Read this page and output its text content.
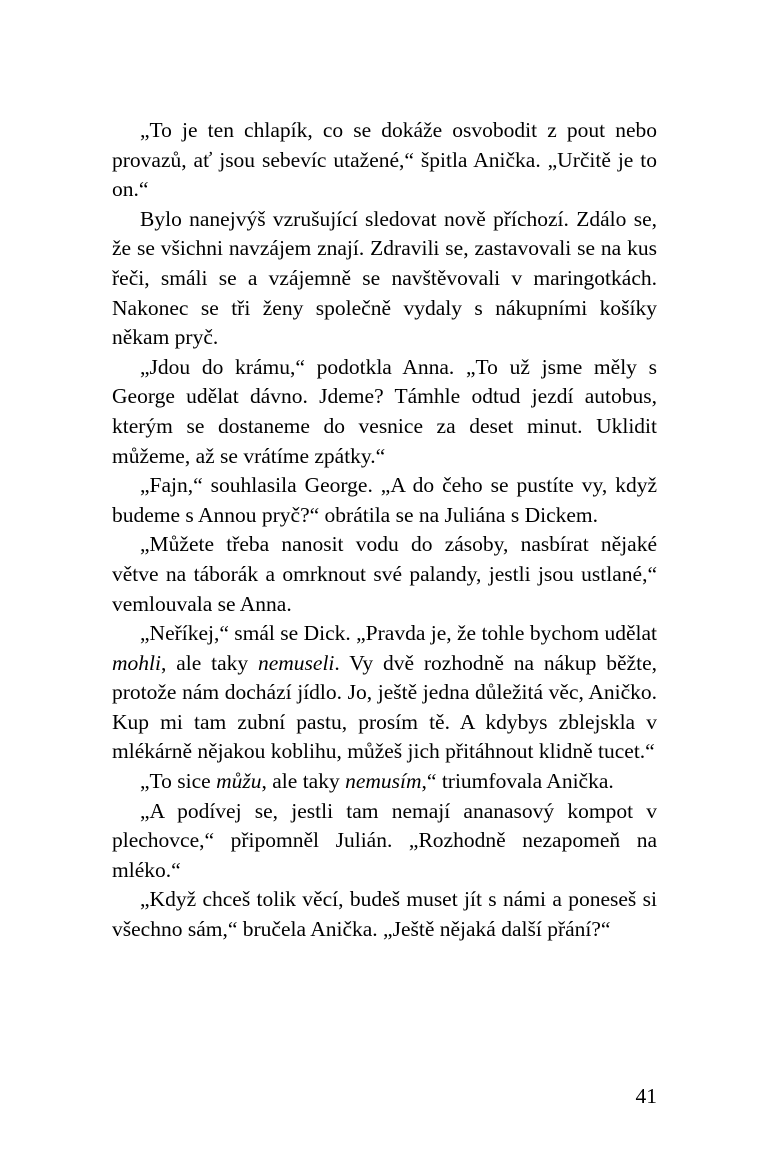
„To je ten chlapík, co se dokáže osvobodit z pout nebo provazů, ať jsou sebevíc utažené,“ špitla Anička. „Určitě je to on.“

Bylo nanejvýš vzrušující sledovat nově příchozí. Zdálo se, že se všichni navzájem znají. Zdravili se, zastavovali se na kus řeči, smáli se a vzájemně se navštěvovali v maringotkách. Nakonec se tři ženy společně vydaly s nákupními košíky někam pryč.

„Jdou do krámu,“ podotkla Anna. „To už jsme měly s George udělat dávno. Jdeme? Támhle odtud jezdí autobus, kterým se dostaneme do vesnice za deset minut. Uklidit můžeme, až se vrátíme zpátky.“

„Fajn,“ souhlasila George. „A do čeho se pustíte vy, když budeme s Annou pryč?“ obrátila se na Juliána s Dickem.

„Můžete třeba nanosit vodu do zásoby, nasbírat nějaké větve na táborák a omrknout své palandy, jestli jsou ustlané,“ vemlouvala se Anna.

„Neříkej,“ smál se Dick. „Pravda je, že tohle bychom udělat mohli, ale taky nemuseli. Vy dvě rozhodně na nákup běžte, protože nám dochází jídlo. Jo, ještě jedna důležitá věc, Aničko. Kup mi tam zubní pastu, prosím tě. A kdybys zblejskla v mlékárně nějakou koblihu, můžeš jich přitáhnout klidně tucet.“

„To sice můžu, ale taky nemusím,“ triumfovala Anička.

„A podívej se, jestli tam nemají ananasový kompot v plechovce,“ připomněl Julián. „Rozhodně nezapomeň na mléko.“

„Když chceš tolik věcí, budeš muset jít s námi a poneseš si všechno sám,“ bručela Anička. „Ještě nějaká další přání?“

41
